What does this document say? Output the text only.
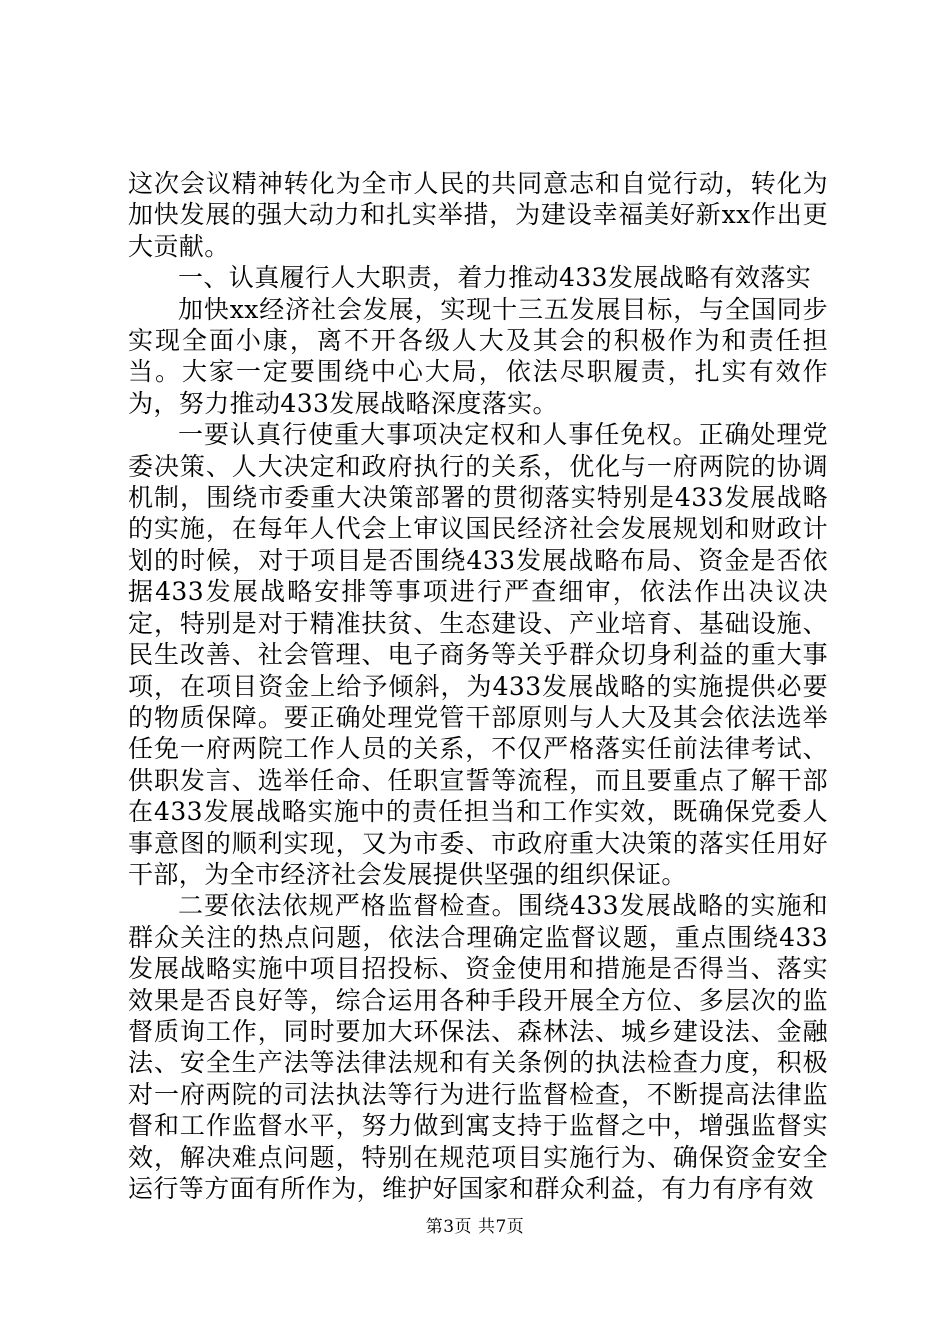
这次会议精神转化为全市人民的共同意志和自觉行动，转化为加快发展的强大动力和扎实举措，为建设幸福美好新xx作出更大贡献。

一、认真履行人大职责，着力推动433发展战略有效落实

加快xx经济社会发展，实现十三五发展目标，与全国同步实现全面小康，离不开各级人大及其会的积极作为和责任担当。大家一定要围绕中心大局，依法尽职履责，扎实有效作为，努力推动433发展战略深度落实。

一要认真行使重大事项决定权和人事任免权。正确处理党委决策、人大决定和政府执行的关系，优化与一府两院的协调机制，围绕市委重大决策部署的贯彻落实特别是433发展战略的实施，在每年人代会上审议国民经济社会发展规划和财政计划的时候，对于项目是否围绕433发展战略布局、资金是否依据433发展战略安排等事项进行严查细审，依法作出决议决定，特别是对于精准扶贫、生态建设、产业培育、基础设施、民生改善、社会管理、电子商务等关乎群众切身利益的重大事项，在项目资金上给予倾斜，为433发展战略的实施提供必要的物质保障。要正确处理党管干部原则与人大及其会依法选举任免一府两院工作人员的关系，不仅严格落实任前法律考试、供职发言、选举任命、任职宣誓等流程，而且要重点了解干部在433发展战略实施中的责任担当和工作实效，既确保党委人事意图的顺利实现，又为市委、市政府重大决策的落实任用好干部，为全市经济社会发展提供坚强的组织保证。

二要依法依规严格监督检查。围绕433发展战略的实施和群众关注的热点问题，依法合理确定监督议题，重点围绕433发展战略实施中项目招投标、资金使用和措施是否得当、落实效果是否良好等，综合运用各种手段开展全方位、多层次的监督质询工作，同时要加大环保法、森林法、城乡建设法、金融法、安全生产法等法律法规和有关条例的执法检查力度，积极对一府两院的司法执法等行为进行监督检查，不断提高法律监督和工作监督水平，努力做到寓支持于监督之中，增强监督实效，解决难点问题，特别在规范项目实施行为、确保资金安全运行等方面有所作为，维护好国家和群众利益，有力有序有效

第3页 共7页
